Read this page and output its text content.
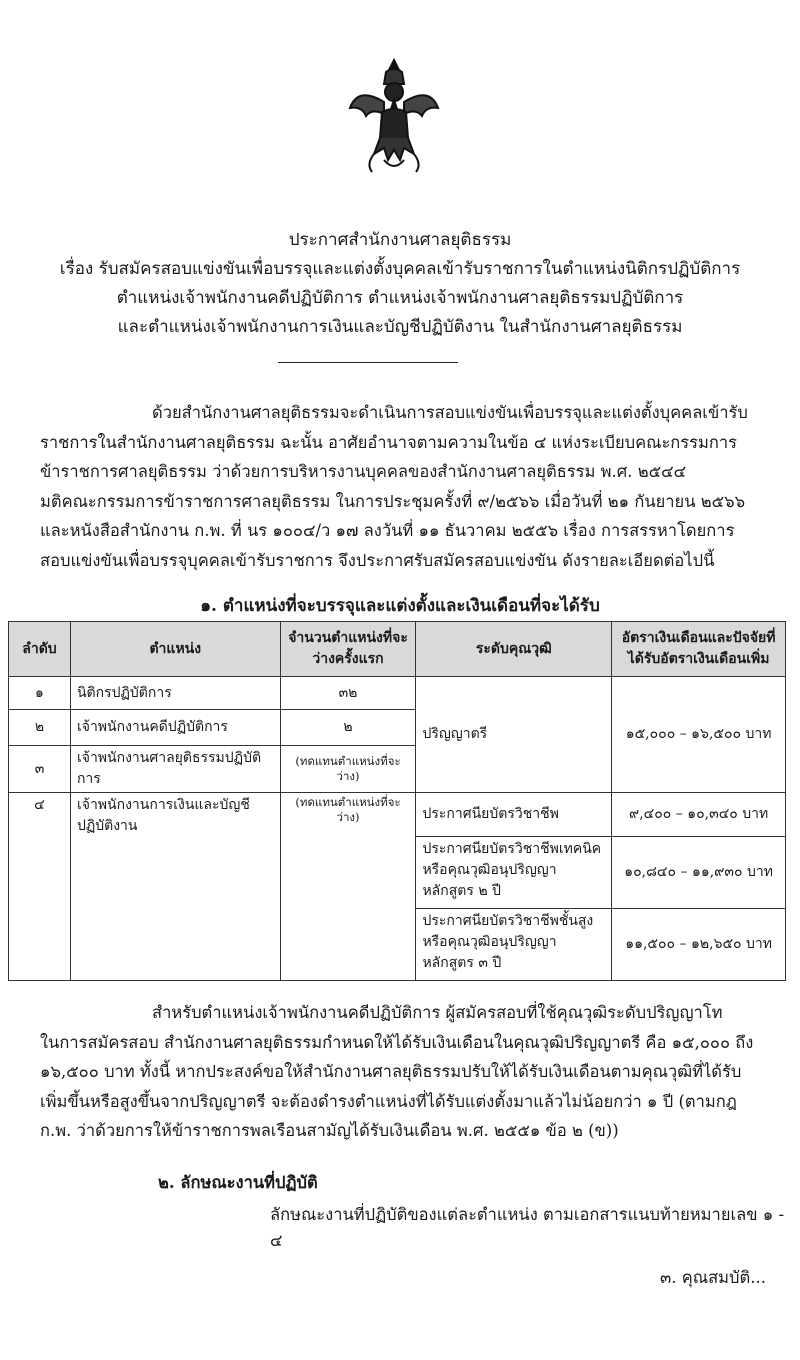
ประกาศสำนักงานศาลยุติธรรม
เรื่อง รับสมัครสอบแข่งขันเพื่อบรรจุและแต่งตั้งบุคคลเข้ารับราชการในตำแหน่งนิติกรปฏิบัติการ
ตำแหน่งเจ้าพนักงานคดีปฏิบัติการ ตำแหน่งเจ้าพนักงานศาลยุติธรรมปฏิบัติการ
และตำแหน่งเจ้าพนักงานการเงินและบัญชีปฏิบัติงาน ในสำนักงานศาลยุติธรรม

ด้วยสำนักงานศาลยุติธรรมจะดำเนินการสอบแข่งขันเพื่อบรรจุและแต่งตั้งบุคคลเข้ารับ

ราชการในสำนักงานศาลยุติธรรม ฉะนั้น อาศัยอำนาจตามความในข้อ ๔ แห่งระเบียบคณะกรรมการ

ข้าราชการศาลยุติธรรม ว่าด้วยการบริหารงานบุคคลของสำนักงานศาลยุติธรรม พ.ศ. ๒๕๔๔

มติคณะกรรมการข้าราชการศาลยุติธรรม ในการประชุมครั้งที่ ๙/๒๕๖๖ เมื่อวันที่ ๒๑ กันยายน ๒๕๖๖

และหนังสือสำนักงาน ก.พ. ที่ นร ๑๐๐๔/ว ๑๗ ลงวันที่ ๑๑ ธันวาคม ๒๕๕๖ เรื่อง การสรรหาโดยการ

สอบแข่งขันเพื่อบรรจุบุคคลเข้ารับราชการ จึงประกาศรับสมัครสอบแข่งขัน ดังรายละเอียดต่อไปนี้

๑. ตำแหน่งที่จะบรรจุและแต่งตั้งและเงินเดือนที่จะได้รับ
ลำดับ	ตำแหน่ง	จำนวนตำแหน่งที่จะว่างครั้งแรก	ระดับคุณวุฒิ	อัตราเงินเดือนและปัจจัยที่ได้รับอัตราเงินเดือนเพิ่ม
๑	นิติกรปฏิบัติการ	๓๒	ปริญญาตรี	๑๕,๐๐๐ – ๑๖,๕๐๐ บาท
๒	เจ้าพนักงานคดีปฏิบัติการ	๒		
๓	เจ้าพนักงานศาลยุติธรรมปฏิบัติการ	(ทดแทนตำแหน่งที่จะว่าง)		
๔	เจ้าพนักงานการเงินและบัญชีปฏิบัติงาน	(ทดแทนตำแหน่งที่จะว่าง)	ประกาศนียบัตรวิชาชีพ	๙,๔๐๐ – ๑๐,๓๔๐ บาท
			ประกาศนียบัตรวิชาชีพเทคนิค หรือคุณวุฒิอนุปริญญา หลักสูตร ๒ ปี	๑๐,๘๔๐ – ๑๑,๙๓๐ บาท
			ประกาศนียบัตรวิชาชีพชั้นสูง หรือคุณวุฒิอนุปริญญา หลักสูตร ๓ ปี	๑๑,๕๐๐ – ๑๒,๖๕๐ บาท

สำหรับตำแหน่งเจ้าพนักงานคดีปฏิบัติการ ผู้สมัครสอบที่ใช้คุณวุฒิระดับปริญญาโท

ในการสมัครสอบ สำนักงานศาลยุติธรรมกำหนดให้ได้รับเงินเดือนในคุณวุฒิปริญญาตรี คือ ๑๕,๐๐๐ ถึง

๑๖,๕๐๐ บาท ทั้งนี้ หากประสงค์ขอให้สำนักงานศาลยุติธรรมปรับให้ได้รับเงินเดือนตามคุณวุฒิที่ได้รับ

เพิ่มขึ้นหรือสูงขึ้นจากปริญญาตรี จะต้องดำรงตำแหน่งที่ได้รับแต่งตั้งมาแล้วไม่น้อยกว่า ๑ ปี (ตามกฎ

ก.พ. ว่าด้วยการให้ข้าราชการพลเรือนสามัญได้รับเงินเดือน พ.ศ. ๒๕๕๑ ข้อ ๒ (ข))

๒. ลักษณะงานที่ปฏิบัติ
ลักษณะงานที่ปฏิบัติของแต่ละตำแหน่ง ตามเอกสารแนบท้ายหมายเลข ๑ - ๔
๓. คุณสมบัติ...
